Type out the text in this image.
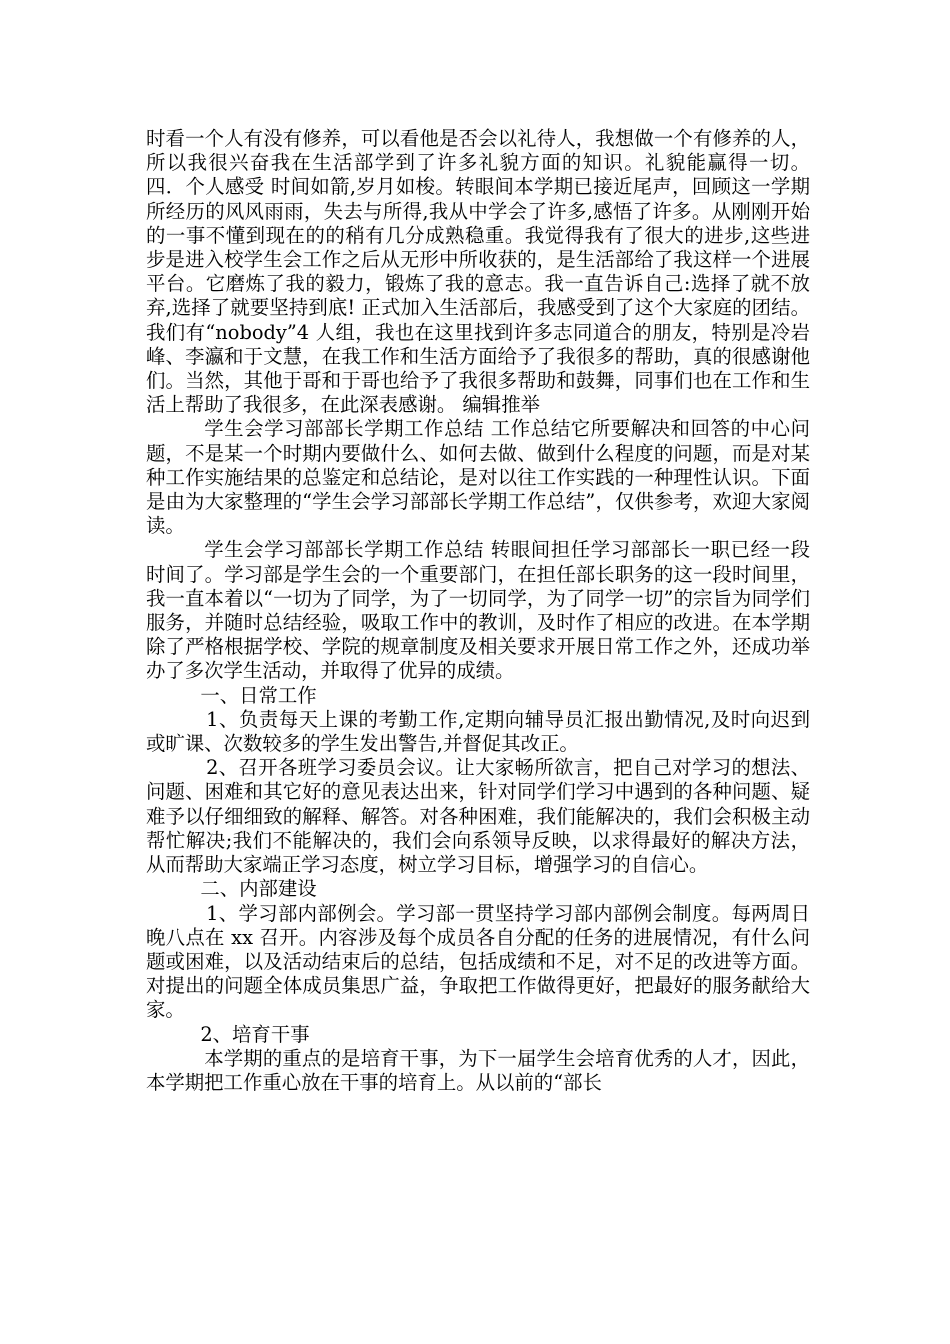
时看一个人有没有修养，可以看他是否会以礼待人，我想做一个有修养的人，所以我很兴奋我在生活部学到了许多礼貌方面的知识。礼貌能赢得一切。 四．个人感受 时间如箭,岁月如梭。转眼间本学期已接近尾声，回顾这一学期所经历的风风雨雨，失去与所得,我从中学会了许多,感悟了许多。从刚刚开始的一事不懂到现在的的稍有几分成熟稳重。我觉得我有了很大的进步,这些进步是进入校学生会工作之后从无形中所收获的，是生活部给了我这样一个进展平台。它磨炼了我的毅力，锻炼了我的意志。我一直告诉自己:选择了就不放弃,选择了就要坚持到底! 正式加入生活部后，我感受到了这个大家庭的团结。我们有“nobody”4 人组，我也在这里找到许多志同道合的朋友，特别是冷岩峰、李瀛和于文慧，在我工作和生活方面给予了我很多的帮助，真的很感谢他们。当然，其他于哥和于哥也给予了我很多帮助和鼓舞，同事们也在工作和生活上帮助了我很多，在此深表感谢。 编辑推举

学生会学习部部长学期工作总结 工作总结它所要解决和回答的中心问题，不是某一个时期内要做什么、如何去做、做到什么程度的问题，而是对某种工作实施结果的总鉴定和总结论，是对以往工作实践的一种理性认识。下面是由为大家整理的“学生会学习部部长学期工作总结”，仅供参考，欢迎大家阅读。

学生会学习部部长学期工作总结 转眼间担任学习部部长一职已经一段时间了。学习部是学生会的一个重要部门，在担任部长职务的这一段时间里，我一直本着以“一切为了同学，为了一切同学，为了同学一切”的宗旨为同学们服务，并随时总结经验，吸取工作中的教训，及时作了相应的改进。在本学期除了严格根据学校、学院的规章制度及相关要求开展日常工作之外，还成功举办了多次学生活动，并取得了优异的成绩。

一、日常工作

1、负责每天上课的考勤工作,定期向辅导员汇报出勤情况,及时向迟到或旷课、次数较多的学生发出警告,并督促其改正。

2、召开各班学习委员会议。让大家畅所欲言，把自己对学习的想法、问题、困难和其它好的意见表达出来，针对同学们学习中遇到的各种问题、疑难予以仔细细致的解释、解答。对各种困难，我们能解决的，我们会积极主动帮忙解决;我们不能解决的，我们会向系领导反映，以求得最好的解决方法，从而帮助大家端正学习态度，树立学习目标，增强学习的自信心。

二、内部建设

1、学习部内部例会。学习部一贯坚持学习部内部例会制度。每两周日晚八点在 xx 召开。内容涉及每个成员各自分配的任务的进展情况，有什么问题或困难，以及活动结束后的总结，包括成绩和不足，对不足的改进等方面。对提出的问题全体成员集思广益，争取把工作做得更好，把最好的服务献给大家。

2、培育干事

本学期的重点的是培育干事，为下一届学生会培育优秀的人才，因此，本学期把工作重心放在干事的培育上。从以前的“部长
